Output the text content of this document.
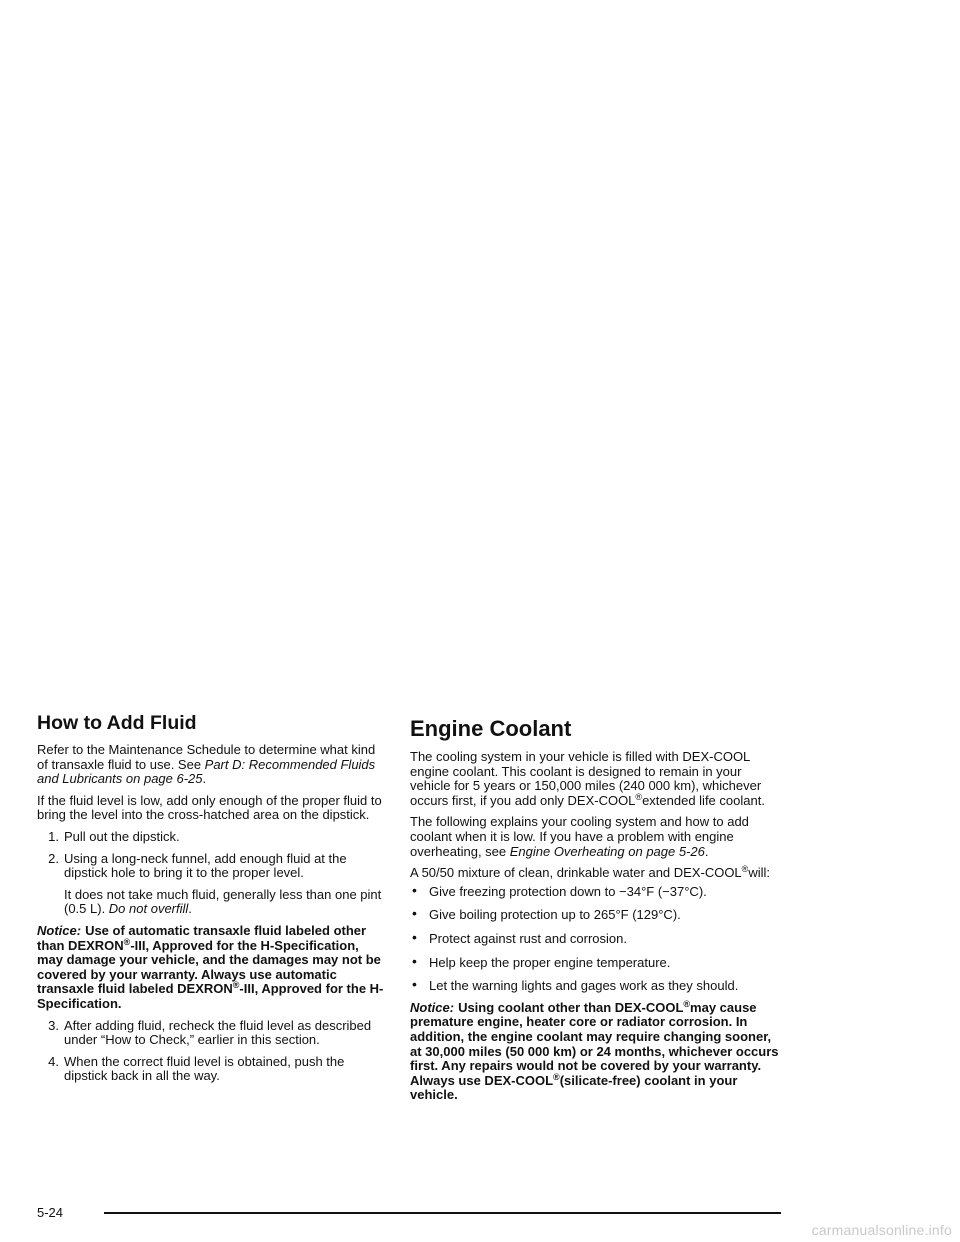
How to Add Fluid

Refer to the Maintenance Schedule to determine what kind of transaxle fluid to use. See Part D: Recommended Fluids and Lubricants on page 6-25.

If the fluid level is low, add only enough of the proper fluid to bring the level into the cross-hatched area on the dipstick.

1. Pull out the dipstick.
2. Using a long-neck funnel, add enough fluid at the dipstick hole to bring it to the proper level.

It does not take much fluid, generally less than one pint (0.5 L). Do not overfill.

Notice: Use of automatic transaxle fluid labeled other than DEXRON®-III, Approved for the H-Specification, may damage your vehicle, and the damages may not be covered by your warranty. Always use automatic transaxle fluid labeled DEXRON®-III, Approved for the H-Specification.

3. After adding fluid, recheck the fluid level as described under “How to Check,” earlier in this section.
4. When the correct fluid level is obtained, push the dipstick back in all the way.
Engine Coolant

The cooling system in your vehicle is filled with DEX-COOL engine coolant. This coolant is designed to remain in your vehicle for 5 years or 150,000 miles (240 000 km), whichever occurs first, if you add only DEX-COOL®extended life coolant.

The following explains your cooling system and how to add coolant when it is low. If you have a problem with engine overheating, see Engine Overheating on page 5-26.

A 50/50 mixture of clean, drinkable water and DEX-COOL®will:

• Give freezing protection down to −34°F (−37°C).
• Give boiling protection up to 265°F (129°C).
• Protect against rust and corrosion.
• Help keep the proper engine temperature.
• Let the warning lights and gages work as they should.

Notice: Using coolant other than DEX-COOL®may cause premature engine, heater core or radiator corrosion. In addition, the engine coolant may require changing sooner, at 30,000 miles (50 000 km) or 24 months, whichever occurs first. Any repairs would not be covered by your warranty. Always use DEX-COOL®(silicate-free) coolant in your vehicle.

5-24
carmanualsonline.info
